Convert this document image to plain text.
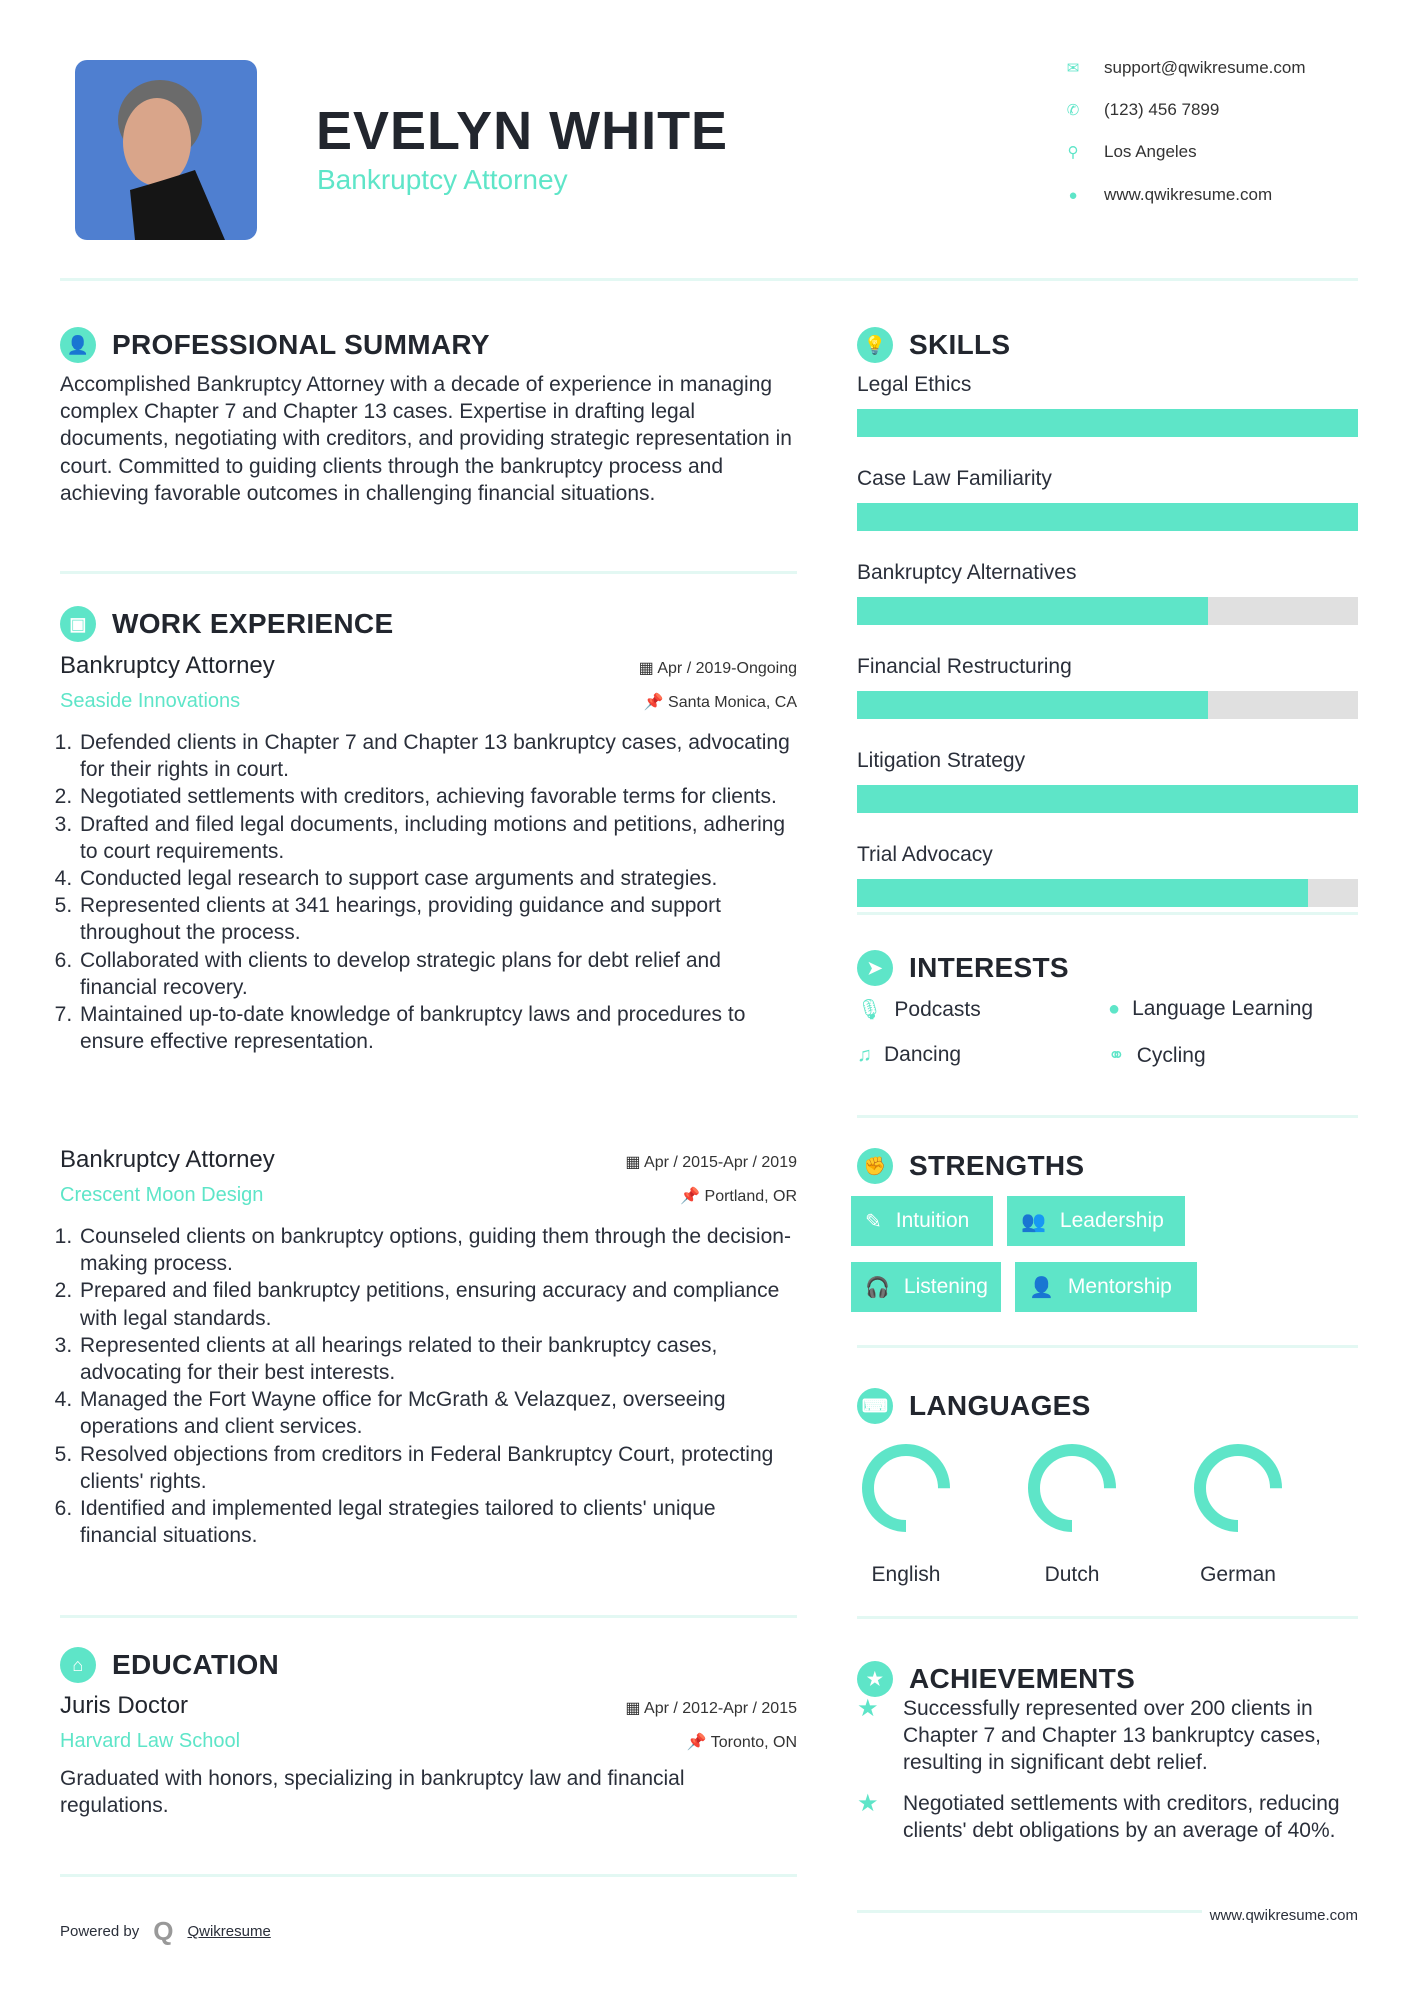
EVELYN WHITE
Bankruptcy Attorney
✉ support@qwikresume.com
✆ (123) 456 7899
⚲	Los Angeles
●	www.qwikresume.com
👤 PROFESSIONAL SUMMARY
Accomplished Bankruptcy Attorney with a decade of experience in managing complex Chapter 7 and Chapter 13 cases. Expertise in drafting legal documents, negotiating with creditors, and providing strategic representation in court. Committed to guiding clients through the bankruptcy process and achieving favorable outcomes in challenging financial situations.
▣ WORK EXPERIENCE
Bankruptcy Attorney
Seaside Innovations
▦ Apr / 2019-Ongoing
📌 Santa Monica, CA
1. Defended clients in Chapter 7 and Chapter 13 bankruptcy cases, advocating for their rights in court.
2. Negotiated settlements with creditors, achieving favorable terms for clients.
3. Drafted and filed legal documents, including motions and petitions, adhering to court requirements.
4. Conducted legal research to support case arguments and strategies.
5. Represented clients at 341 hearings, providing guidance and support throughout the process.
6. Collaborated with clients to develop strategic plans for debt relief and financial recovery.
7. Maintained up-to-date knowledge of bankruptcy laws and procedures to ensure effective representation.
Bankruptcy Attorney
Crescent Moon Design
▦ Apr / 2015-Apr / 2019
📌 Portland, OR
1. Counseled clients on bankruptcy options, guiding them through the decision-making process.
2. Prepared and filed bankruptcy petitions, ensuring accuracy and compliance with legal standards.
3. Represented clients at all hearings related to their bankruptcy cases, advocating for their best interests.
4. Managed the Fort Wayne office for McGrath & Velazquez, overseeing operations and client services.
5. Resolved objections from creditors in Federal Bankruptcy Court, protecting clients' rights.
6. Identified and implemented legal strategies tailored to clients' unique financial situations.
⌂	EDUCATION
Juris Doctor
Harvard Law School
▦ Apr / 2012-Apr / 2015
📌 Toronto, ON
Graduated with honors, specializing in bankruptcy law and financial regulations.
Powered by Q Qwikresume
💡 SKILLS
Legal Ethics
Case Law Familiarity
Bankruptcy Alternatives
Financial Restructuring
Litigation Strategy
Trial Advocacy
➤ INTERESTS
🎙 Podcasts	● Language Learning
♫ Dancing	⚭ Cycling
✊ STRENGTHS
✎ Intuition	👥 Leadership
🎧 Listening 👤 Mentorship
⌨ LANGUAGES
English	Dutch	German
★ ACHIEVEMENTS
★	Successfully represented over 200 clients in Chapter 7 and Chapter 13 bankruptcy cases, resulting in significant debt relief.
★	Negotiated settlements with creditors, reducing clients' debt obligations by an average of 40%.
www.qwikresume.com
